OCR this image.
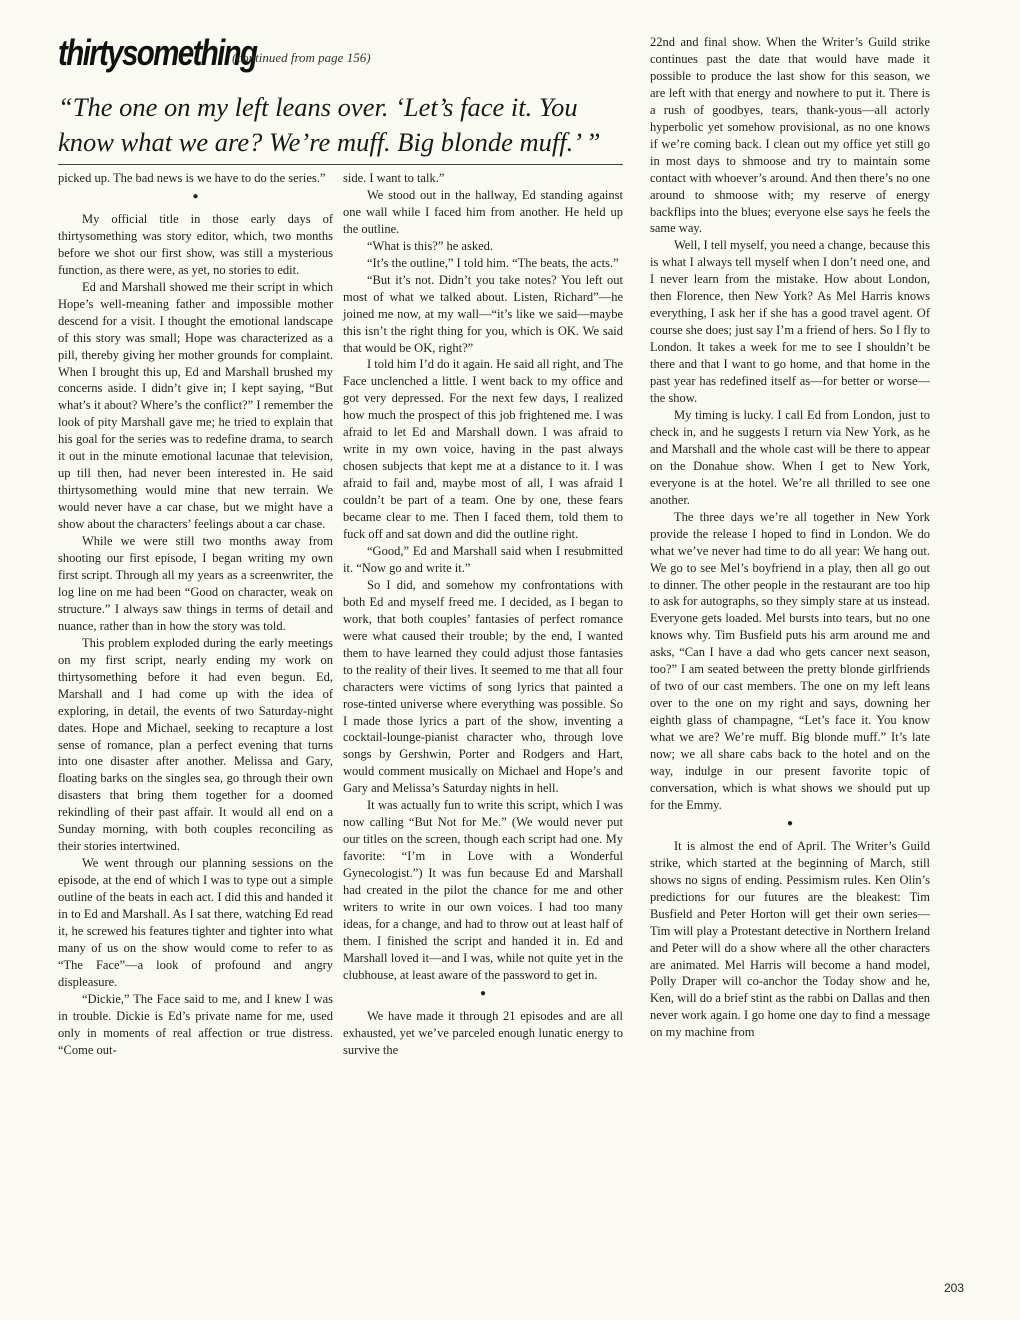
thirtysomething
(continued from page 156)
“The one on my left leans over. ‘Let’s face it. You know what we are? We’re muff. Big blonde muff.’ ”

picked up. The bad news is we have to do the series.”

●

My official title in those early days of thirtysomething was story editor, which, two months before we shot our first show, was still a mysterious function, as there were, as yet, no stories to edit.

Ed and Marshall showed me their script in which Hope’s well-meaning father and impossible mother descend for a visit. I thought the emotional landscape of this story was small; Hope was characterized as a pill, thereby giving her mother grounds for complaint. When I brought this up, Ed and Marshall brushed my concerns aside. I didn’t give in; I kept saying, “But what’s it about? Where’s the conflict?” I remember the look of pity Marshall gave me; he tried to explain that his goal for the series was to redefine drama, to search it out in the minute emotional lacunae that television, up till then, had never been interested in. He said thirtysomething would mine that new terrain. We would never have a car chase, but we might have a show about the characters’ feelings about a car chase.

While we were still two months away from shooting our first episode, I began writing my own first script. Through all my years as a screenwriter, the log line on me had been “Good on character, weak on structure.” I always saw things in terms of detail and nuance, rather than in how the story was told.

This problem exploded during the early meetings on my first script, nearly ending my work on thirtysomething before it had even begun. Ed, Marshall and I had come up with the idea of exploring, in detail, the events of two Saturday-night dates. Hope and Michael, seeking to recapture a lost sense of romance, plan a perfect evening that turns into one disaster after another. Melissa and Gary, floating barks on the singles sea, go through their own disasters that bring them together for a doomed rekindling of their past affair. It would all end on a Sunday morning, with both couples reconciling as their stories intertwined.

We went through our planning sessions on the episode, at the end of which I was to type out a simple outline of the beats in each act. I did this and handed it in to Ed and Marshall. As I sat there, watching Ed read it, he screwed his features tighter and tighter into what many of us on the show would come to refer to as “The Face”—a look of profound and angry displeasure.

“Dickie,” The Face said to me, and I knew I was in trouble. Dickie is Ed’s private name for me, used only in moments of real affection or true distress. “Come out-

side. I want to talk.”

We stood out in the hallway, Ed standing against one wall while I faced him from another. He held up the outline.

“What is this?” he asked.

“It’s the outline,” I told him. “The beats, the acts.”

“But it’s not. Didn’t you take notes? You left out most of what we talked about. Listen, Richard”—he joined me now, at my wall—“it’s like we said—maybe this isn’t the right thing for you, which is OK. We said that would be OK, right?”

I told him I’d do it again. He said all right, and The Face unclenched a little. I went back to my office and got very depressed. For the next few days, I realized how much the prospect of this job frightened me. I was afraid to let Ed and Marshall down. I was afraid to write in my own voice, having in the past always chosen subjects that kept me at a distance to it. I was afraid to fail and, maybe most of all, I was afraid I couldn’t be part of a team. One by one, these fears became clear to me. Then I faced them, told them to fuck off and sat down and did the outline right.

“Good,” Ed and Marshall said when I resubmitted it. “Now go and write it.”

So I did, and somehow my confrontations with both Ed and myself freed me. I decided, as I began to work, that both couples’ fantasies of perfect romance were what caused their trouble; by the end, I wanted them to have learned they could adjust those fantasies to the reality of their lives. It seemed to me that all four characters were victims of song lyrics that painted a rose-tinted universe where everything was possible. So I made those lyrics a part of the show, inventing a cocktail-lounge-pianist character who, through love songs by Gershwin, Porter and Rodgers and Hart, would comment musically on Michael and Hope’s and Gary and Melissa’s Saturday nights in hell.

It was actually fun to write this script, which I was now calling “But Not for Me.” (We would never put our titles on the screen, though each script had one. My favorite: “I’m in Love with a Wonderful Gynecologist.”) It was fun because Ed and Marshall had created in the pilot the chance for me and other writers to write in our own voices. I had too many ideas, for a change, and had to throw out at least half of them. I finished the script and handed it in. Ed and Marshall loved it—and I was, while not quite yet in the clubhouse, at least aware of the password to get in.

●

We have made it through 21 episodes and are all exhausted, yet we’ve parceled enough lunatic energy to survive the

22nd and final show. When the Writer’s Guild strike continues past the date that would have made it possible to produce the last show for this season, we are left with that energy and nowhere to put it. There is a rush of goodbyes, tears, thank-yous—all actorly hyperbolic yet somehow provisional, as no one knows if we’re coming back. I clean out my office yet still go in most days to shmoose and try to maintain some contact with whoever’s around. And then there’s no one around to shmoose with; my reserve of energy backflips into the blues; everyone else says he feels the same way.

Well, I tell myself, you need a change, because this is what I always tell myself when I don’t need one, and I never learn from the mistake. How about London, then Florence, then New York? As Mel Harris knows everything, I ask her if she has a good travel agent. Of course she does; just say I’m a friend of hers. So I fly to London. It takes a week for me to see I shouldn’t be there and that I want to go home, and that home in the past year has redefined itself as—for better or worse—the show.

My timing is lucky. I call Ed from London, just to check in, and he suggests I return via New York, as he and Marshall and the whole cast will be there to appear on the Donahue show. When I get to New York, everyone is at the hotel. We’re all thrilled to see one another.

The three days we’re all together in New York provide the release I hoped to find in London. We do what we’ve never had time to do all year: We hang out. We go to see Mel’s boyfriend in a play, then all go out to dinner. The other people in the restaurant are too hip to ask for autographs, so they simply stare at us instead. Everyone gets loaded. Mel bursts into tears, but no one knows why. Tim Busfield puts his arm around me and asks, “Can I have a dad who gets cancer next season, too?” I am seated between the pretty blonde girlfriends of two of our cast members. The one on my left leans over to the one on my right and says, downing her eighth glass of champagne, “Let’s face it. You know what we are? We’re muff. Big blonde muff.” It’s late now; we all share cabs back to the hotel and on the way, indulge in our present favorite topic of conversation, which is what shows we should put up for the Emmy.

●

It is almost the end of April. The Writer’s Guild strike, which started at the beginning of March, still shows no signs of ending. Pessimism rules. Ken Olin’s predictions for our futures are the bleakest: Tim Busfield and Peter Horton will get their own series—Tim will play a Protestant detective in Northern Ireland and Peter will do a show where all the other characters are animated. Mel Harris will become a hand model, Polly Draper will co-anchor the Today show and he, Ken, will do a brief stint as the rabbi on Dallas and then never work again. I go home one day to find a message on my machine from

203
